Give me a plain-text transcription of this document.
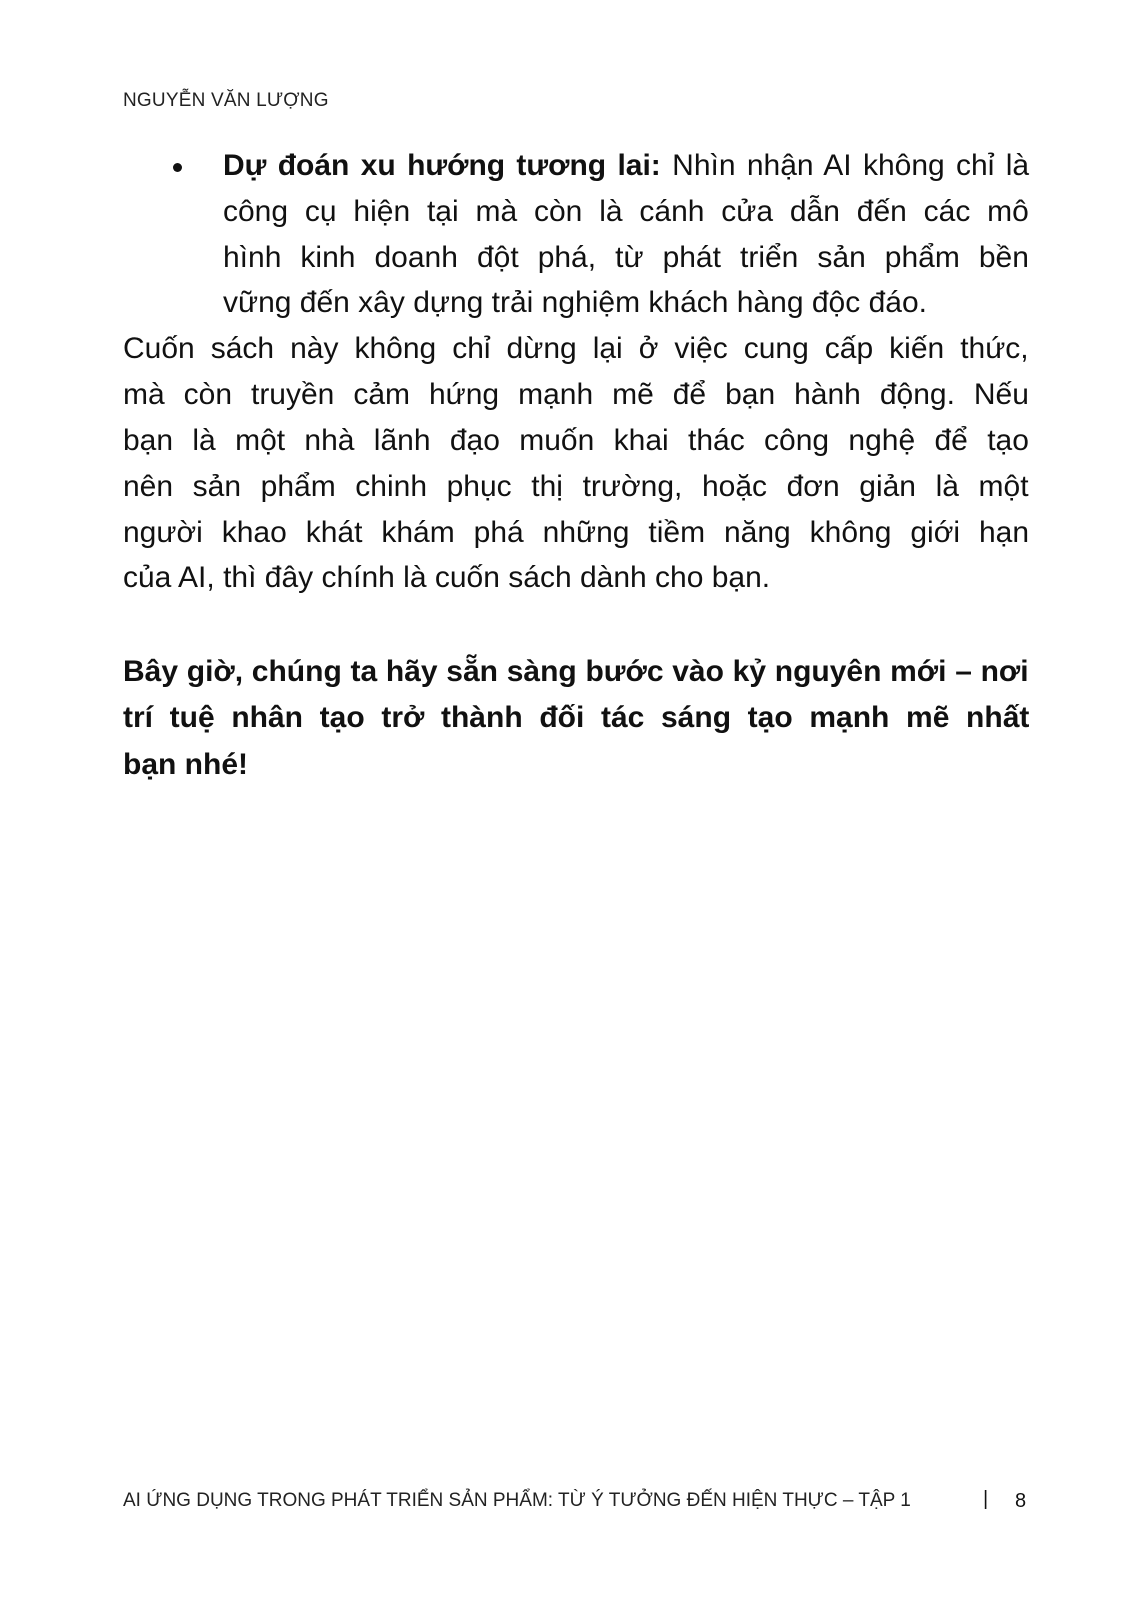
NGUYỄN VĂN LƯỢNG
Dự đoán xu hướng tương lai: Nhìn nhận AI không chỉ là
công cụ hiện tại mà còn là cánh cửa dẫn đến các mô
hình kinh doanh đột phá, từ phát triển sản phẩm bền
vững đến xây dựng trải nghiệm khách hàng độc đáo.
Cuốn sách này không chỉ dừng lại ở việc cung cấp kiến thức,
mà còn truyền cảm hứng mạnh mẽ để bạn hành động. Nếu
bạn là một nhà lãnh đạo muốn khai thác công nghệ để tạo
nên sản phẩm chinh phục thị trường, hoặc đơn giản là một
người khao khát khám phá những tiềm năng không giới hạn
của AI, thì đây chính là cuốn sách dành cho bạn.
Bây giờ, chúng ta hãy sẵn sàng bước vào kỷ nguyên mới – nơi
trí tuệ nhân tạo trở thành đối tác sáng tạo mạnh mẽ nhất
bạn nhé!
AI ỨNG DỤNG TRONG PHÁT TRIỂN SẢN PHẨM: TỪ Ý TƯỞNG ĐẾN HIỆN THỰC – TẬP 1	| 8
